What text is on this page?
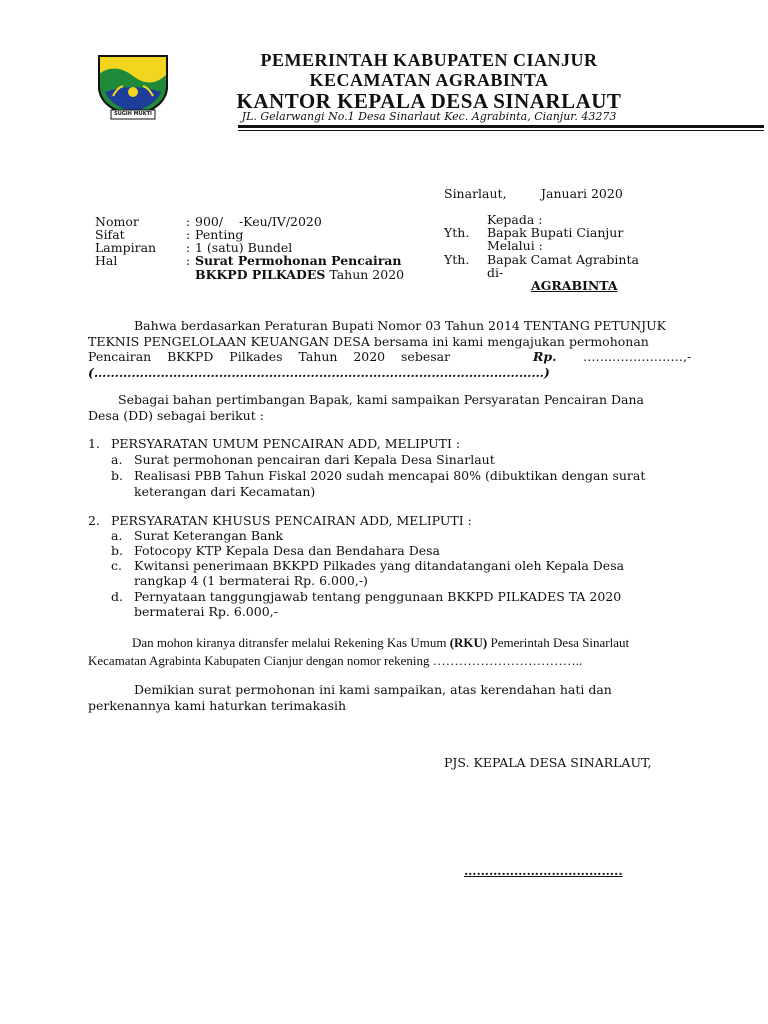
SUGIH MUKTI
PEMERINTAH KABUPATEN CIANJUR
KECAMATAN AGRABINTA
KANTOR KEPALA DESA SINARLAUT
JL. Gelarwangi No.1 Desa Sinarlaut Kec. Agrabinta, Cianjur. 43273
Sinarlaut,	Januari 2020
Nomor	: 900/    -Keu/IV/2020
Sifat	: Penting
Lampiran : 1 (satu) Bundel
Hal	: Surat Permohonan Pencairan
BKKPD PILKADES Tahun 2020
Kepada :
Yth. Bapak Bupati Cianjur
Melalui :
Yth. Bapak Camat Agrabinta
di-
AGRABINTA
Bahwa berdasarkan Peraturan Bupati Nomor 03 Tahun 2014 TENTANG PETUNJUK
TEKNIS PENGELOLAAN KEUANGAN DESA bersama ini kami mengajukan permohonan
Pencairan    BKKPD    Pilkades    Tahun    2020    sebesar	Rp. ……………………,-
(………………………………………………………………………………………………)
Sebagai bahan pertimbangan Bapak, kami sampaikan Persyaratan Pencairan Dana
Desa (DD) sebagai berikut :
1. PERSYARATAN UMUM PENCAIRAN ADD, MELIPUTI :
a. Surat permohonan pencairan dari Kepala Desa Sinarlaut
b. Realisasi PBB Tahun Fiskal 2020 sudah mencapai 80% (dibuktikan dengan surat
keterangan dari Kecamatan)
2. PERSYARATAN KHUSUS PENCAIRAN ADD, MELIPUTI :
a. Surat Keterangan Bank
b. Fotocopy KTP Kepala Desa dan Bendahara Desa
c. Kwitansi penerimaan BKKPD Pilkades yang ditandatangani oleh Kepala Desa
rangkap 4 (1 bermaterai Rp. 6.000,-)
d. Pernyataan tanggungjawab tentang penggunaan BKKPD PILKADES TA 2020
bermaterai Rp. 6.000,-
Dan mohon kiranya ditransfer melalui Rekening Kas Umum (RKU) Pemerintah Desa Sinarlaut
Kecamatan Agrabinta Kabupaten Cianjur dengan nomor rekening ……………………………..
Demikian surat permohonan ini kami sampaikan, atas kerendahan hati dan
perkenannya kami haturkan terimakasih
PJS. KEPALA DESA SINARLAUT,
………………………………..
